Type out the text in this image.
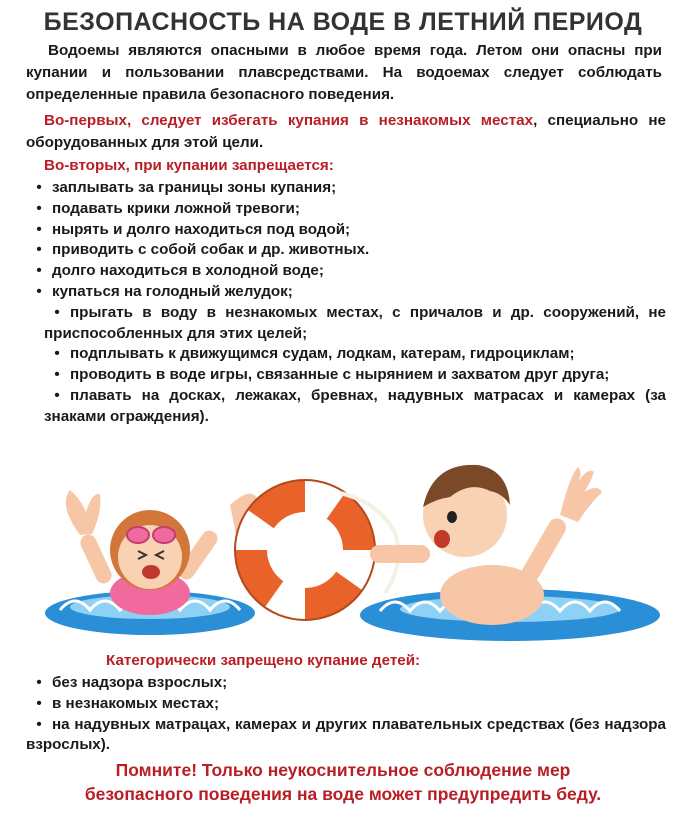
БЕЗОПАСНОСТЬ НА ВОДЕ В ЛЕТНИЙ ПЕРИОД
Водоемы являются опасными в любое время года. Летом они опасны при купании и пользовании плавсредствами. На водоемах следует соблюдать определенные правила безопасного поведения.
Во-первых, следует избегать купания в незнакомых местах, специально не оборудованных для этой цели.
Во-вторых, при купании запрещается:
• заплывать за границы зоны купания;
• подавать крики ложной тревоги;
• нырять и долго находиться под водой;
• приводить с собой собак и др. животных.
• долго находиться в холодной воде;
• купаться на голодный желудок;
• прыгать в воду в незнакомых местах, с причалов и др. сооружений, не приспособленных для этих целей;
• подплывать к движущимся судам, лодкам, катерам, гидроциклам;
• проводить в воде игры, связанные с нырянием и захватом друг друга;
• плавать на досках, лежаках, бревнах, надувных матрасах и камерах (за знаками ограждения).
Категорически запрещено купание детей:
• без надзора взрослых;
• в незнакомых местах;
• на надувных матрацах, камерах и других плавательных средствах (без надзора взрослых).
Помните! Только неукоснительное соблюдение мер
безопасного поведения на воде может предупредить беду.
